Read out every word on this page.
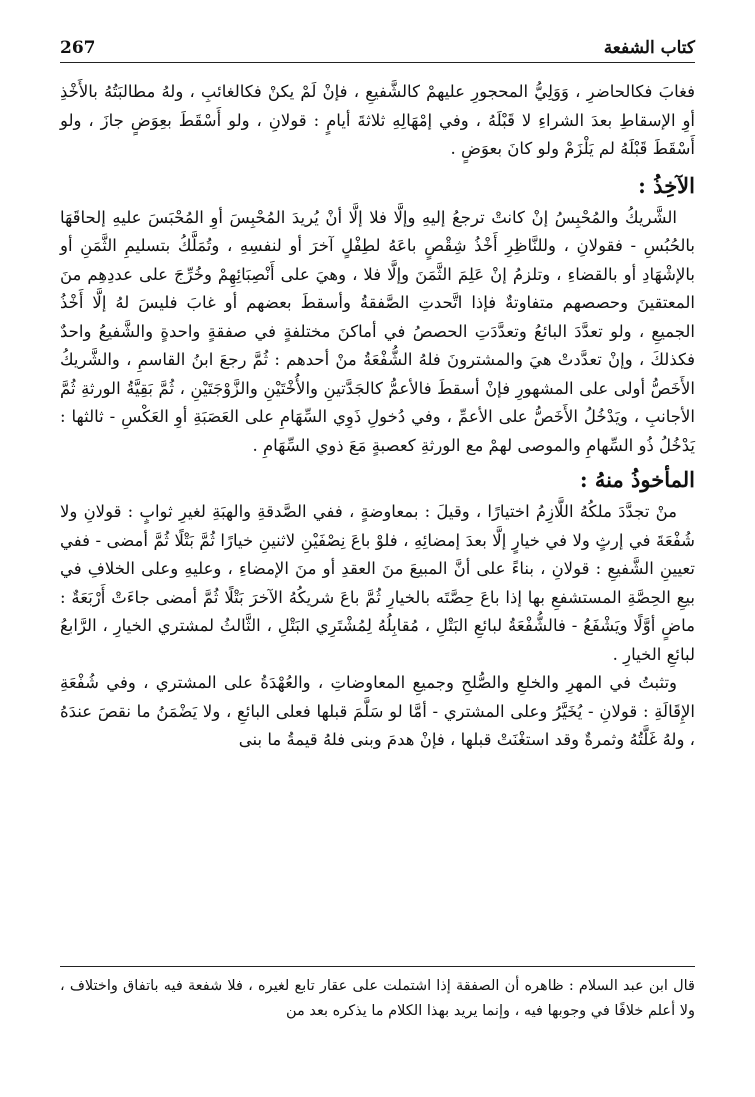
كتاب الشفعة
267

فغابَ فكالحاضرِ ، وَوَلِيُّ المحجورِ عليهمْ كالشَّفيعِ ، فإنْ لَمْ يكنْ فكالغائبِ ، ولهُ مطالبَتُهُ بالأَخْذِ أوِ الإسقاطِ بعدَ الشراءِ لا قَبْلَهُ ، وفي إمْهَالِهِ ثلاثةَ أيامٍ : قولانِ ، ولو أَسْقَطَ بعِوَضٍ جازَ ، ولو أَسْقَطَ قَبْلَهُ لم يَلْزَمْ ولو كانَ بعوَضٍ .

الآخِذُ :

الشَّريكُ والمُحْبِسُ إنْ كانتْ ترجعُ إليهِ وإلَّا فلا إلَّا أنْ يُريدَ المُحْبِسَ أوِ المُحْبَسَ عليهِ إلحاقَهَا بالحُبُسِ - فقولانِ ، وللنَّاظِرِ أَخْذُ شِقْصٍ باعَهُ لطِفْلٍ آخرَ أو لنفسِهِ ، وتُمَلَّكُ بتسليمِ الثَّمَنِ أو بالإشْهَادِ أو بالقضاءِ ، وتلزمُ إنْ عَلِمَ الثَّمَنَ وإلَّا فلا ، وهيَ على أَنْصِبَائِهِمْ وخُرِّجَ على عددِهِم منَ المعتقينَ وحصصهم متفاوتةٌ فإذا اتَّحدتِ الصَّفقةُ وأسقطَ بعضهم أو غابَ فليسَ لهُ إلَّا أَخْذُ الجميعِ ، ولو تعدَّدَ البائعُ وتعدَّدَتِ الحصصُ في أماكنَ مختلفةٍ في صفقةٍ واحدةٍ والشَّفيعُ واحدٌ فكذلكَ ، وإنْ تعدَّدتْ هيَ والمشترونَ فلهُ الشُّفْعَةُ منْ أحدهم : ثُمَّ رجعَ ابنُ القاسمِ ، والشَّريكُ الأَخَصُّ أولى على المشهورِ فإنْ أسقطَ فالأعمُّ كالجَدَّتينِ والأُخْتَيْنِ والزَّوْجَتَيْنِ ، ثُمَّ بَقِيَّةُ الورثةِ ثُمَّ الأجانبِ ، ويَدْخُلُ الأَخَصُّ على الأعمِّ ، وفي دُخولِ ذَوِي السِّهَامِ على العَصَبَةِ أوِ العَكْسِ - ثالثها : يَدْخُلُ ذُو السِّهامِ والموصى لهمْ مع الورثةِ كعصبةٍ مَعَ ذوي السِّهَامِ .

المأخوذُ منهُ :

منْ تجدَّدَ ملكُهُ اللَّازِمُ اختيارًا ، وقيلَ : بمعاوضةٍ ، ففي الصَّدقةِ والهبَةِ لغيرِ ثوابٍ : قولانِ ولا شُفْعَةَ في إرثٍ ولا في خيارٍ إلَّا بعدَ إمضائِهِ ، فلوْ باعَ نِصْفَيْنِ لاثنينِ خيارًا ثُمَّ بَتْلًا ثُمَّ أمضى - ففي تعيينِ الشَّفيعِ : قولانِ ، بناءً على أنَّ المبيعَ منَ العقدِ أو منَ الإمضاءِ ، وعليهِ وعلى الخلافِ في بيعِ الحِصَّةِ المستشفعِ بها إذا باعَ حِصَّتَه بالخيارِ ثُمَّ باعَ شريكُهُ الآخرَ بَتْلًا ثُمَّ أمضى جاءَتْ أَرْبَعَةٌ : ماضٍ أوَّلًا ويَشْفَعُ - فالشُّفْعَةُ لبائعِ البَتْلِ ، مُقابِلُهُ لِمُشْتَرِي البَتْلِ ، الثَّالثُ لمشتري الخيارِ ، الرَّابعُ لبائعِ الخيارِ .

وتثبتُ في المهرِ والخلعِ والصُّلحِ وجميعِ المعاوضاتِ ، والعُهْدَةُ على المشتري ، وفي شُفْعَةِ الإِقَالَةِ : قولانِ - يُخَيَّرُ وعلى المشتري - أمَّا لو سَلَّمَ قبلها فعلى البائعِ ، ولا يَضْمَنُ ما نقصَ عندَهُ ، ولهُ غَلَّتُهُ وثمرةٌ وقد استغْنَتْ قبلها ، فإنْ هدمَ وبنى فلهُ قيمةُ ما بنى

قال ابن عبد السلام : ظاهره أن الصفقة إذا اشتملت على عقار تابع لغيره ، فلا شفعة فيه باتفاق واختلاف ، ولا أعلم خلافًا في وجوبها فيه ، وإنما يريد بهذا الكلام ما يذكره بعد من
